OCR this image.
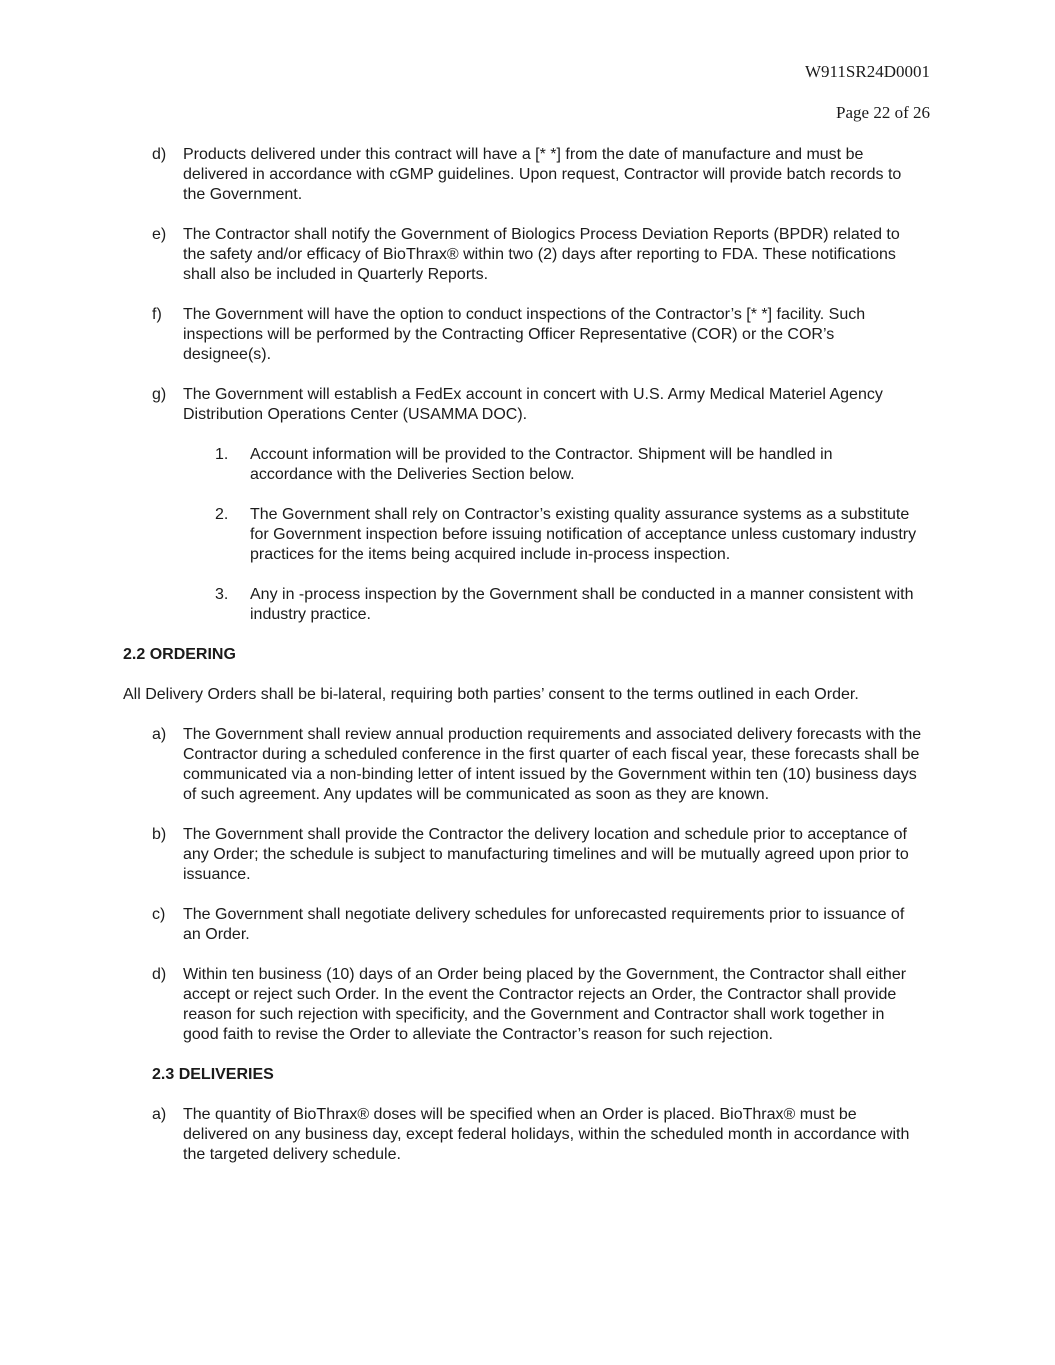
W911SR24D0001
Page 22 of 26
d)	Products delivered under this contract will have a [* *] from the date of manufacture and must be delivered in accordance with cGMP guidelines. Upon request, Contractor will provide batch records to the Government.
e)	The Contractor shall notify the Government of Biologics Process Deviation Reports (BPDR) related to the safety and/or efficacy of BioThrax® within two (2) days after reporting to FDA. These notifications shall also be included in Quarterly Reports.
f)	The Government will have the option to conduct inspections of the Contractor’s [* *] facility. Such inspections will be performed by the Contracting Officer Representative (COR) or the COR’s designee(s).
g)	The Government will establish a FedEx account in concert with U.S. Army Medical Materiel Agency Distribution Operations Center (USAMMA DOC).
1.	Account information will be provided to the Contractor. Shipment will be handled in accordance with the Deliveries Section below.
2.	The Government shall rely on Contractor’s existing quality assurance systems as a substitute for Government inspection before issuing notification of acceptance unless customary industry practices for the items being acquired include in-process inspection.
3.	Any in -process inspection by the Government shall be conducted in a manner consistent with industry practice.
2.2 ORDERING

All Delivery Orders shall be bi-lateral, requiring both parties’ consent to the terms outlined in each Order.

a)	The Government shall review annual production requirements and associated delivery forecasts with the Contractor during a scheduled conference in the first quarter of each fiscal year, these forecasts shall be communicated via a non-binding letter of intent issued by the Government within ten (10) business days of such agreement. Any updates will be communicated as soon as they are known.
b)	The Government shall provide the Contractor the delivery location and schedule prior to acceptance of any Order; the schedule is subject to manufacturing timelines and will be mutually agreed upon prior to issuance.
c)	The Government shall negotiate delivery schedules for unforecasted requirements prior to issuance of an Order.
d)	Within ten business (10) days of an Order being placed by the Government, the Contractor shall either accept or reject such Order. In the event the Contractor rejects an Order, the Contractor shall provide reason for such rejection with specificity, and the Government and Contractor shall work together in good faith to revise the Order to alleviate the Contractor’s reason for such rejection.
2.3 DELIVERIES
a)	The quantity of BioThrax® doses will be specified when an Order is placed. BioThrax® must be delivered on any business day, except federal holidays, within the scheduled month in accordance with the targeted delivery schedule.
